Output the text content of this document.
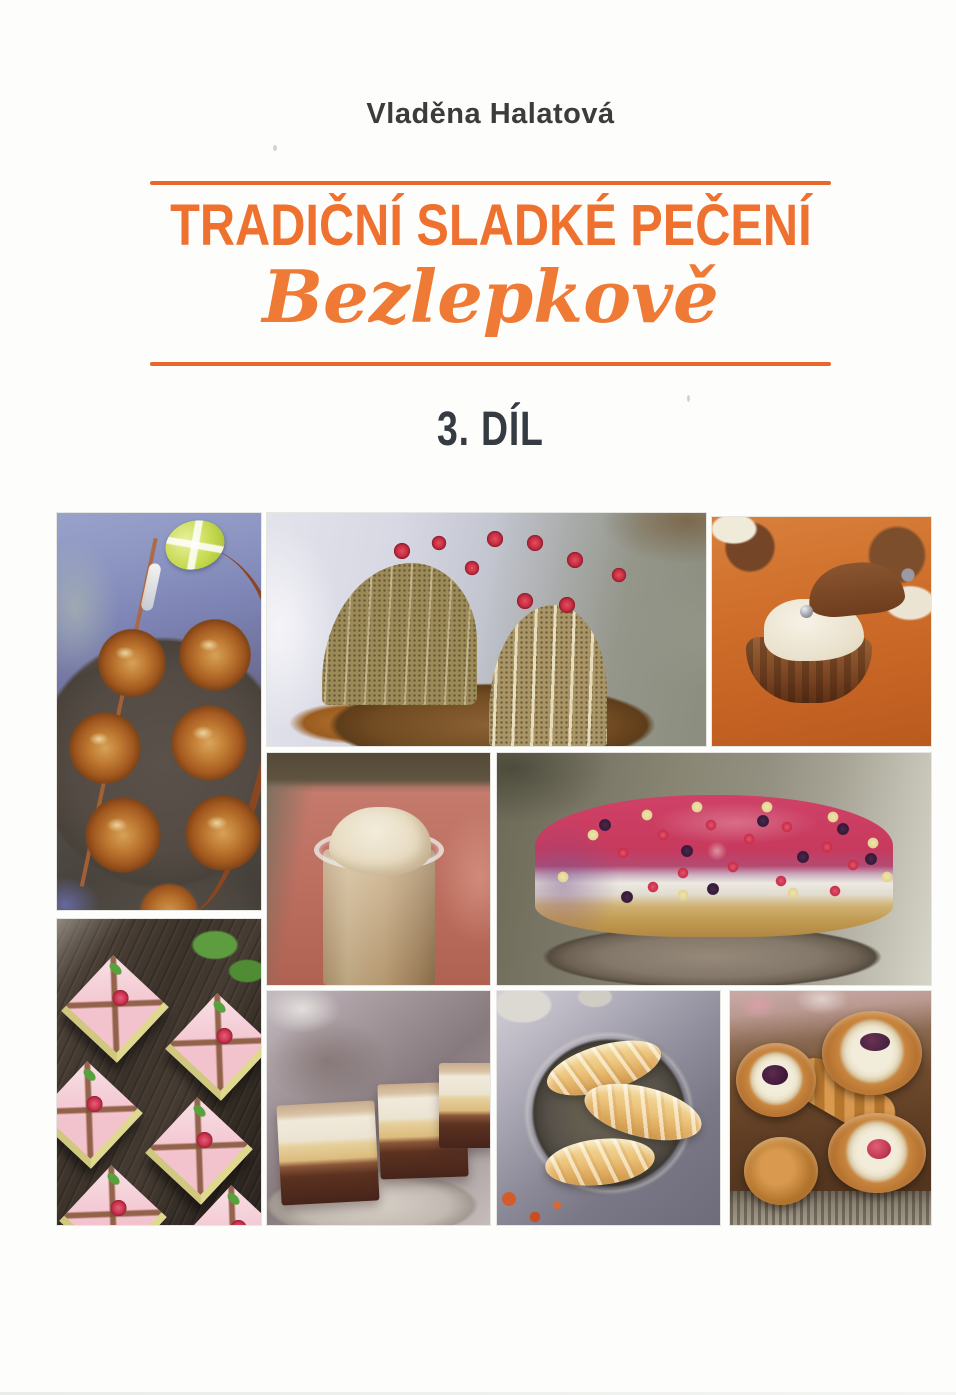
Vladěna Halatová
TRADIČNÍ SLADKÉ PEČENÍ
Bezlepkově
3. DÍL
